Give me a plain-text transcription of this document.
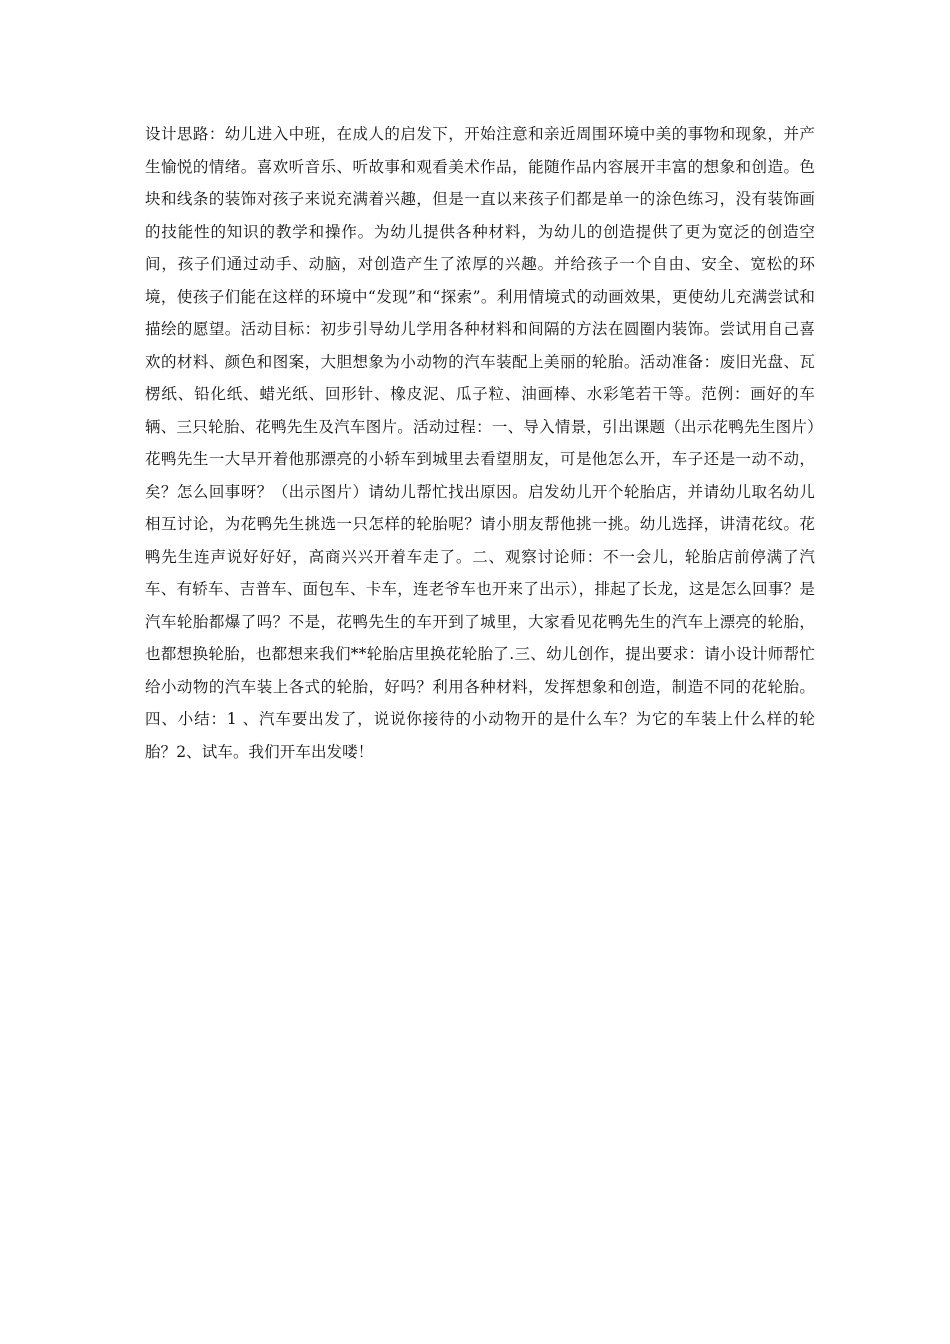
设计思路：幼儿进入中班，在成人的启发下，开始注意和亲近周围环境中美的事物和现象，并产生愉悦的情绪。喜欢听音乐、听故事和观看美术作品，能随作品内容展开丰富的想象和创造。色块和线条的装饰对孩子来说充满着兴趣，但是一直以来孩子们都是单一的涂色练习，没有装饰画的技能性的知识的教学和操作。为幼儿提供各种材料，为幼儿的创造提供了更为宽泛的创造空间，孩子们通过动手、动脑，对创造产生了浓厚的兴趣。并给孩子一个自由、安全、宽松的环境，使孩子们能在这样的环境中“发现”和“探索”。利用情境式的动画效果，更使幼儿充满尝试和描绘的愿望。活动目标：初步引导幼儿学用各种材料和间隔的方法在圆圈内装饰。尝试用自己喜欢的材料、颜色和图案，大胆想象为小动物的汽车装配上美丽的轮胎。活动准备：废旧光盘、瓦楞纸、铅化纸、蜡光纸、回形针、橡皮泥、瓜子粒、油画棒、水彩笔若干等。范例：画好的车辆、三只轮胎、花鸭先生及汽车图片。活动过程：一、导入情景，引出课题（出示花鸭先生图片）花鸭先生一大早开着他那漂亮的小轿车到城里去看望朋友，可是他怎么开，车子还是一动不动，矣？怎么回事呀？（出示图片）请幼儿帮忙找出原因。启发幼儿开个轮胎店，并请幼儿取名幼儿相互讨论，为花鸭先生挑选一只怎样的轮胎呢？请小朋友帮他挑一挑。幼儿选择，讲清花纹。花鸭先生连声说好好好，高商兴兴开着车走了。二、观察讨论师：不一会儿，轮胎店前停满了汽车、有轿车、吉普车、面包车、卡车，连老爷车也开来了出示），排起了长龙，这是怎么回事？是汽车轮胎都爆了吗？不是，花鸭先生的车开到了城里，大家看见花鸭先生的汽车上漂亮的轮胎，也都想换轮胎，也都想来我们**轮胎店里换花轮胎了.三、幼儿创作，提出要求：请小设计师帮忙给小动物的汽车装上各式的轮胎，好吗？利用各种材料，发挥想象和创造，制造不同的花轮胎。四、小结：1 、汽车要出发了，说说你接待的小动物开的是什么车？为它的车装上什么样的轮胎？2、试车。我们开车出发喽！
